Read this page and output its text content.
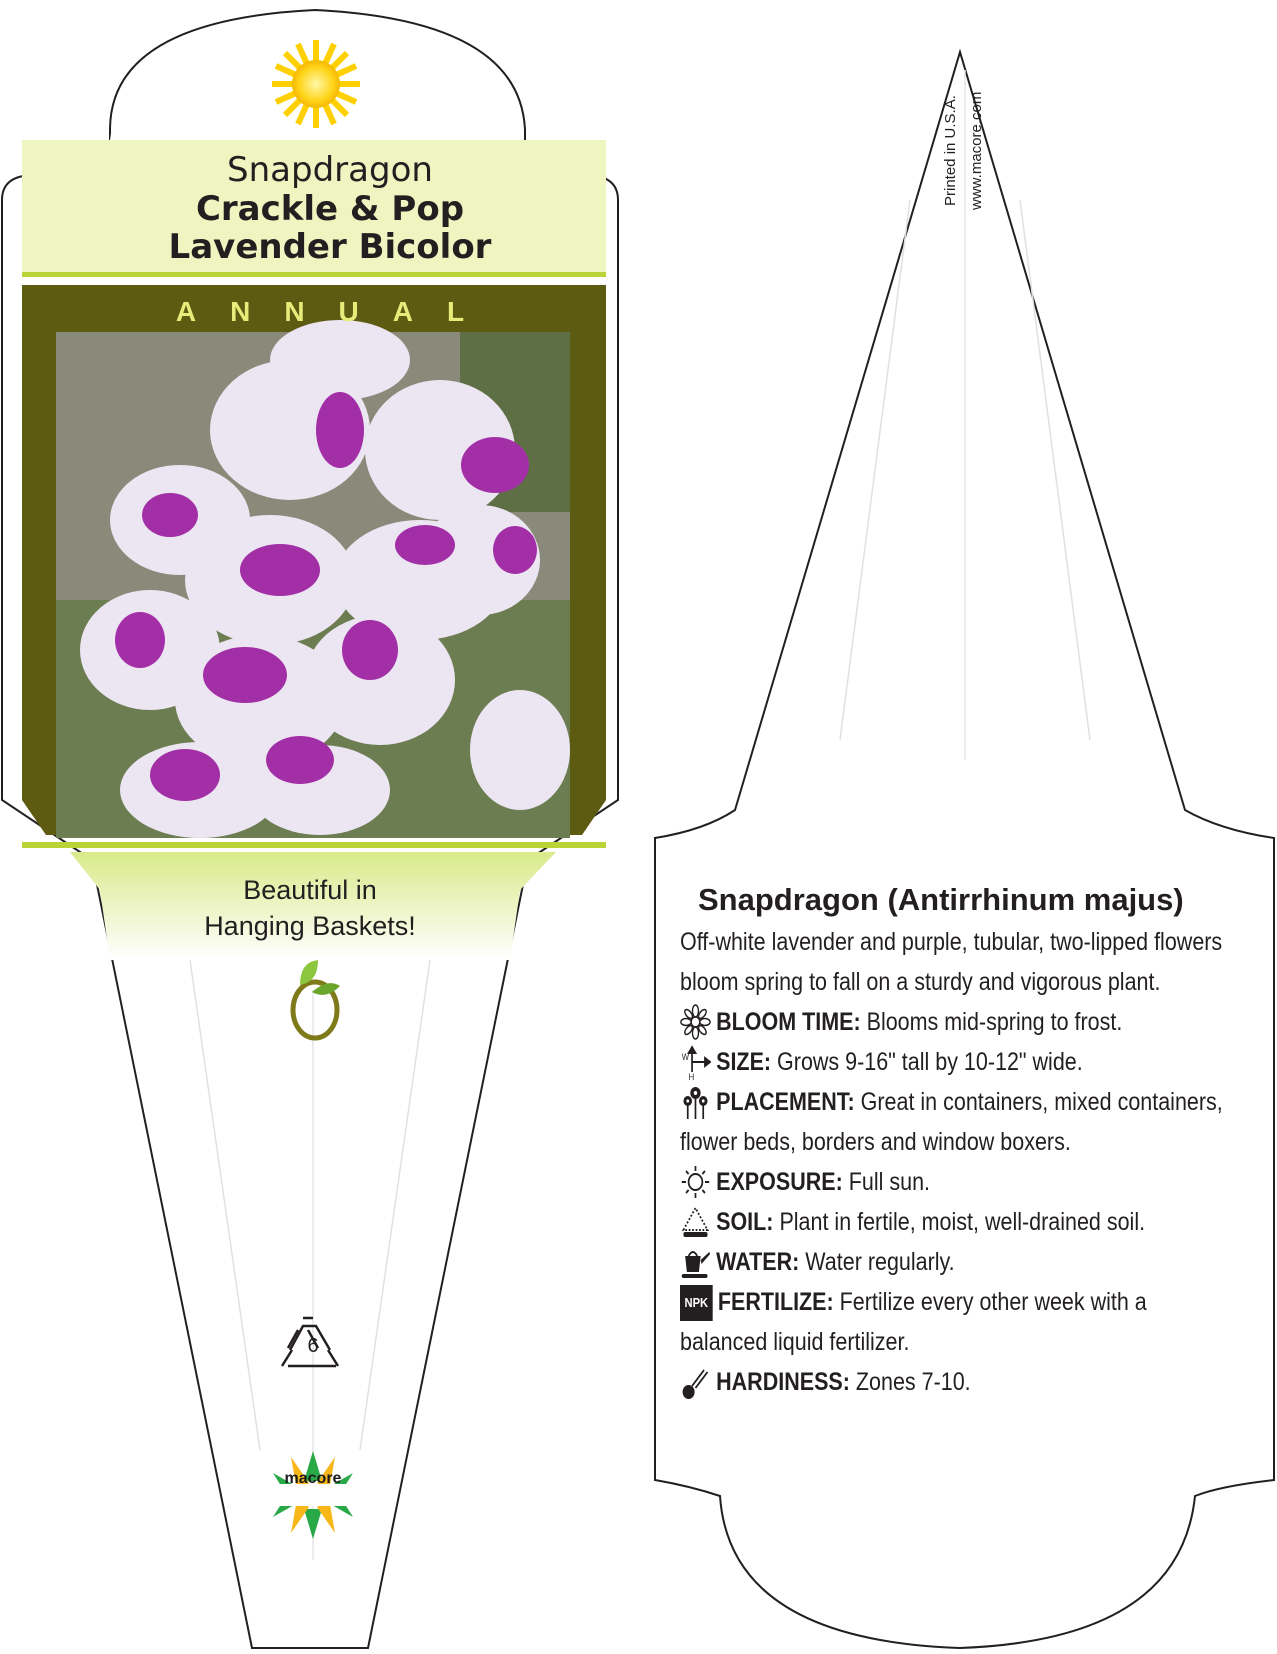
Snapdragon
Crackle & Pop
Lavender Bicolor
ANNUAL
Beautiful in
Hanging Baskets!
6
macore
Printed in U.S.A. www.macore.com
Snapdragon (Antirrhinum majus)

Off-white lavender and purple, tubular, two-lipped flowers bloom spring to fall on a sturdy and vigorous plant.

BLOOM TIME: Blooms mid-spring to frost.

W
H
SIZE: Grows 9-16" tall by 10-12" wide.

PLACEMENT: Great in containers, mixed containers, flower beds, borders and window boxers.

EXPOSURE: Full sun.

SOIL: Plant in fertile, moist, well-drained soil.

WATER: Water regularly.

NPK FERTILIZE: Fertilize every other week with a balanced liquid fertilizer.

HARDINESS: Zones 7-10.
